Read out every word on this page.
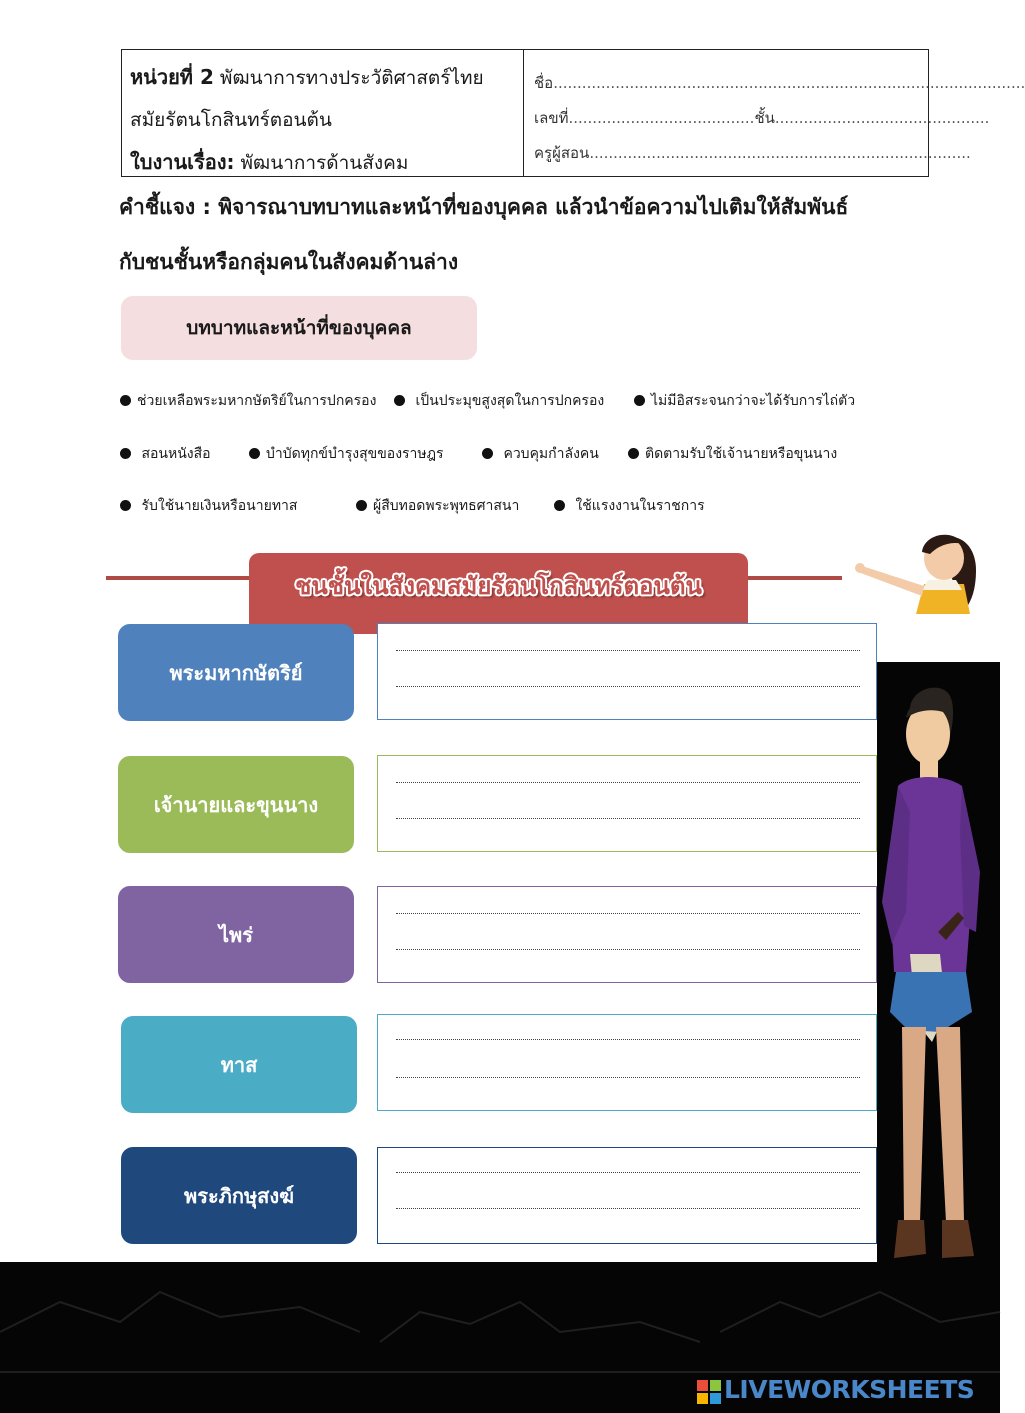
หน่วยที่ 2 พัฒนาการทางประวัติศาสตร์ไทย
สมัยรัตนโกสินทร์ตอนต้น
ใบงานเรื่อง: พัฒนาการด้านสังคม
ชื่อ...................................................................................................
เลขที่.......................................ชั้น.............................................
ครูผู้สอน................................................................................
คำชี้แจง : พิจารณาบทบาทและหน้าที่ของบุคคล แล้วนำข้อความไปเติมให้สัมพันธ์
กับชนชั้นหรือกลุ่มคนในสังคมด้านล่าง
บทบาทและหน้าที่ของบุคคล
ช่วยเหลือพระมหากษัตริย์ในการปกครอง	เป็นประมุขสูงสุดในการปกครอง	ไม่มีอิสระจนกว่าจะได้รับการไถ่ตัว
สอนหนังสือ	บำบัดทุกข์บำรุงสุขของราษฎร	ควบคุมกำลังคน	ติดตามรับใช้เจ้านายหรือขุนนาง
รับใช้นายเงินหรือนายทาส	ผู้สืบทอดพระพุทธศาสนา	ใช้แรงงานในราชการ
ชนชั้นในสังคมสมัยรัตนโกสินทร์ตอนต้น
พระมหากษัตริย์
เจ้านายและขุนนาง
ไพร่
ทาส
พระภิกษุสงฆ์
LIVEWORKSHEETS
